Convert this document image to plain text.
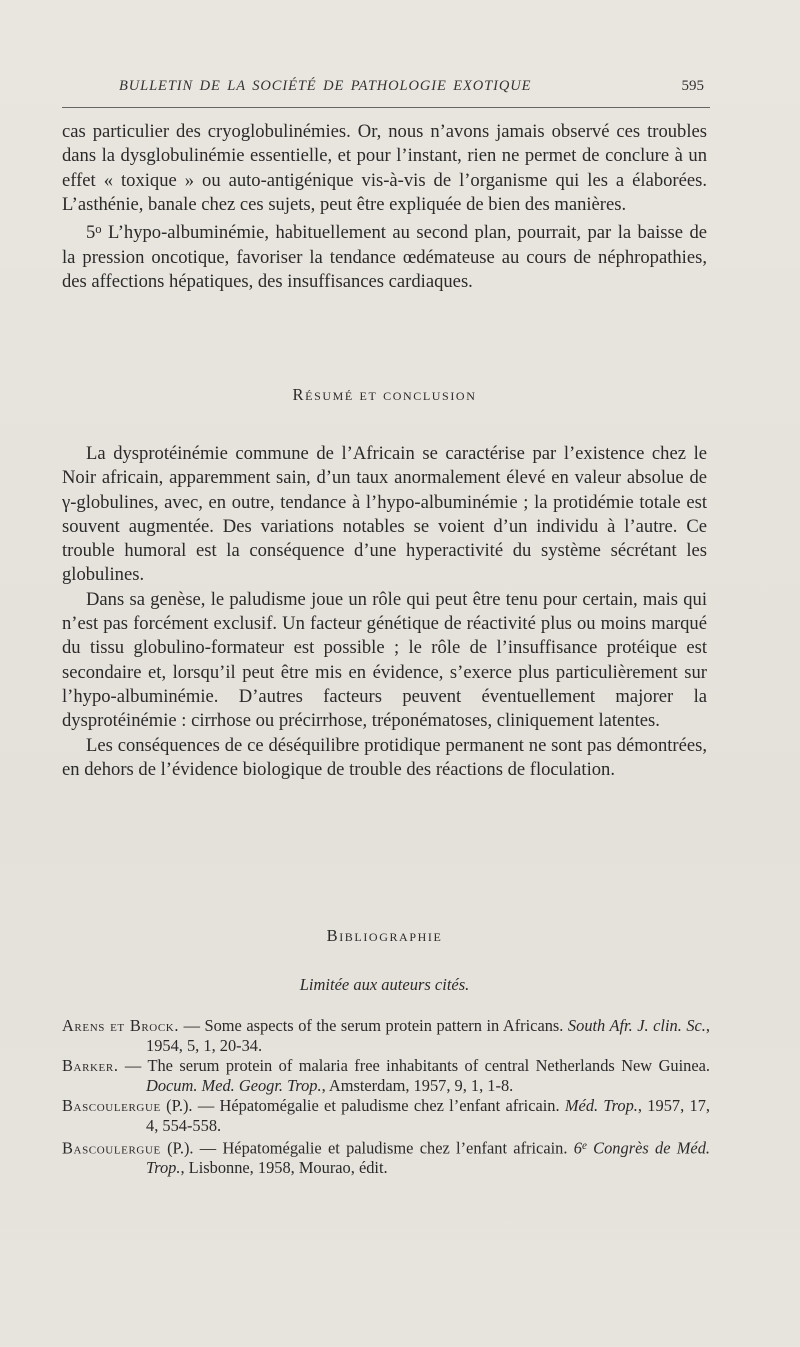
BULLETIN DE LA SOCIÉTÉ DE PATHOLOGIE EXOTIQUE	595

cas particulier des cryoglobulinémies. Or, nous n’avons jamais observé ces troubles dans la dysglobulinémie essentielle, et pour l’instant, rien ne permet de conclure à un effet « toxique » ou auto-antigénique vis-à-vis de l’organisme qui les a élaborées. L’asthénie, banale chez ces sujets, peut être expliquée de bien des manières.

5$^o$ L’hypo-albuminémie, habituellement au second plan, pourrait, par la baisse de la pression oncotique, favoriser la tendance œdémateuse au cours de néphropathies, des affections hépatiques, des insuffisances cardiaques.

Résumé et conclusion

La dysprotéinémie commune de l’Africain se caractérise par l’existence chez le Noir africain, apparemment sain, d’un taux anormalement élevé en valeur absolue de γ-globulines, avec, en outre, tendance à l’hypo-albuminémie ; la protidémie totale est souvent augmentée. Des variations notables se voient d’un individu à l’autre. Ce trouble humoral est la conséquence d’une hyperactivité du système sécrétant les globulines.

Dans sa genèse, le paludisme joue un rôle qui peut être tenu pour certain, mais qui n’est pas forcément exclusif. Un facteur génétique de réactivité plus ou moins marqué du tissu globulino-formateur est possible ; le rôle de l’insuffisance protéique est secondaire et, lorsqu’il peut être mis en évidence, s’exerce plus particulièrement sur l’hypo-albuminémie. D’autres facteurs peuvent éventuellement majorer la dysprotéinémie : cirrhose ou précirrhose, tréponématoses, cliniquement latentes.

Les conséquences de ce déséquilibre protidique permanent ne sont pas démontrées, en dehors de l’évidence biologique de trouble des réactions de floculation.

Bibliographie

Limitée aux auteurs cités.

Arens et Brock. — Some aspects of the serum protein pattern in Africans. South Afr. J. clin. Sc., 1954, 5, 1, 20-34.

Barker. — The serum protein of malaria free inhabitants of central Netherlands New Guinea. Docum. Med. Geogr. Trop., Amsterdam, 1957, 9, 1, 1-8.

Bascoulergue (P.). — Hépatomégalie et paludisme chez l’enfant africain. Méd. Trop., 1957, 17, 4, 554-558.

Bascoulergue (P.). — Hépatomégalie et paludisme chez l’enfant africain. 6e Congrès de Méd. Trop., Lisbonne, 1958, Mourao, édit.
